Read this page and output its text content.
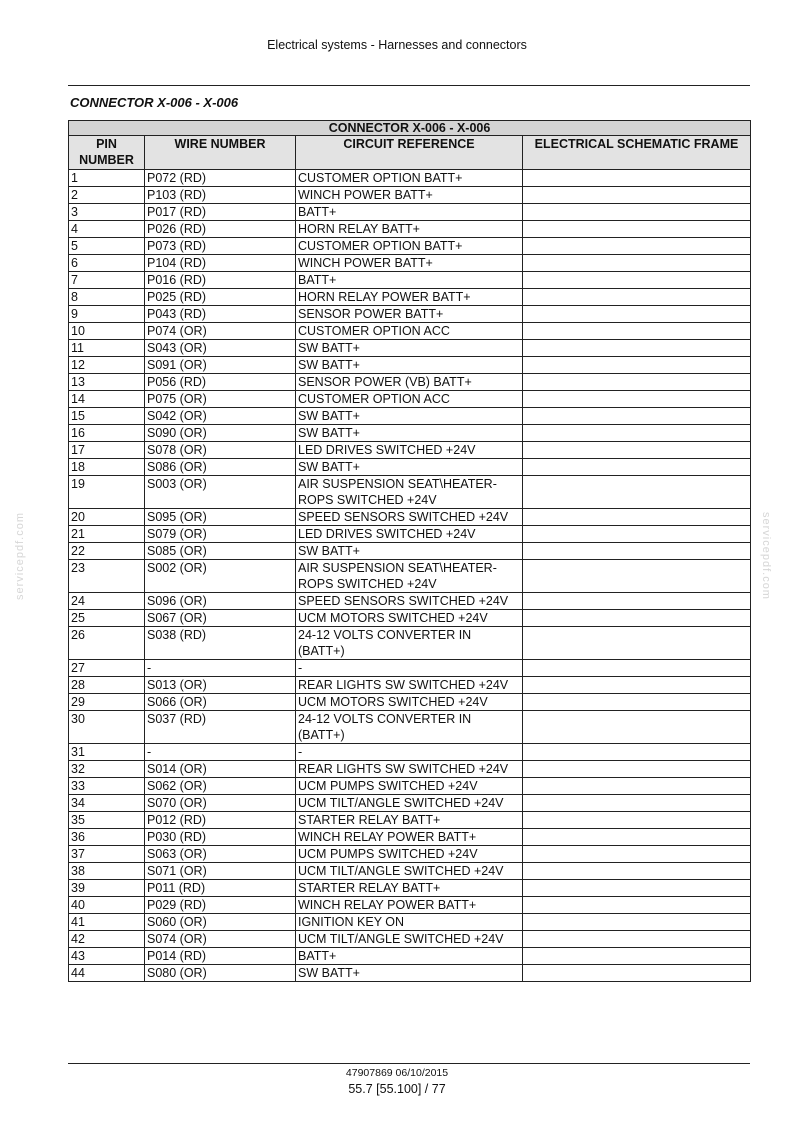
Electrical systems - Harnesses and connectors
CONNECTOR X-006 - X-006
servicepdf.com	servicepdf.com
CONNECTOR X-006 - X-006			
PIN NUMBER	WIRE NUMBER	CIRCUIT REFERENCE	ELECTRICAL SCHEMATIC FRAME
1	P072 (RD)	CUSTOMER OPTION BATT+	
2	P103 (RD)	WINCH POWER BATT+	
3	P017 (RD)	BATT+	
4	P026 (RD)	HORN RELAY BATT+	
5	P073 (RD)	CUSTOMER OPTION BATT+	
6	P104 (RD)	WINCH POWER BATT+	
7	P016 (RD)	BATT+	
8	P025 (RD)	HORN RELAY POWER BATT+	
9	P043 (RD)	SENSOR POWER BATT+	
10	P074 (OR)	CUSTOMER OPTION ACC	
11	S043 (OR)	SW BATT+	
12	S091 (OR)	SW BATT+	
13	P056 (RD)	SENSOR POWER (VB) BATT+	
14	P075 (OR)	CUSTOMER OPTION ACC	
15	S042 (OR)	SW BATT+	
16	S090 (OR)	SW BATT+	
17	S078 (OR)	LED DRIVES SWITCHED +24V	
18	S086 (OR)	SW BATT+	
19	S003 (OR)	AIR SUSPENSION SEAT\HEATER-ROPS SWITCHED +24V	
20	S095 (OR)	SPEED SENSORS SWITCHED +24V	
21	S079 (OR)	LED DRIVES SWITCHED +24V	
22	S085 (OR)	SW BATT+	
23	S002 (OR)	AIR SUSPENSION SEAT\HEATER-ROPS SWITCHED +24V	
24	S096 (OR)	SPEED SENSORS SWITCHED +24V	
25	S067 (OR)	UCM MOTORS SWITCHED +24V	
26	S038 (RD)	24-12 VOLTS CONVERTER IN (BATT+)	
27	-	-	
28	S013 (OR)	REAR LIGHTS SW SWITCHED +24V	
29	S066 (OR)	UCM MOTORS SWITCHED +24V	
30	S037 (RD)	24-12 VOLTS CONVERTER IN (BATT+)	
31	-	-	
32	S014 (OR)	REAR LIGHTS SW SWITCHED +24V	
33	S062 (OR)	UCM PUMPS SWITCHED +24V	
34	S070 (OR)	UCM TILT/ANGLE SWITCHED +24V	
35	P012 (RD)	STARTER RELAY BATT+	
36	P030 (RD)	WINCH RELAY POWER BATT+	
37	S063 (OR)	UCM PUMPS SWITCHED +24V	
38	S071 (OR)	UCM TILT/ANGLE SWITCHED +24V	
39	P011 (RD)	STARTER RELAY BATT+	
40	P029 (RD)	WINCH RELAY POWER BATT+	
41	S060 (OR)	IGNITION KEY ON	
42	S074 (OR)	UCM TILT/ANGLE SWITCHED +24V	
43	P014 (RD)	BATT+	
44	S080 (OR)	SW BATT+	
47907869 06/10/2015
55.7 [55.100] / 77
